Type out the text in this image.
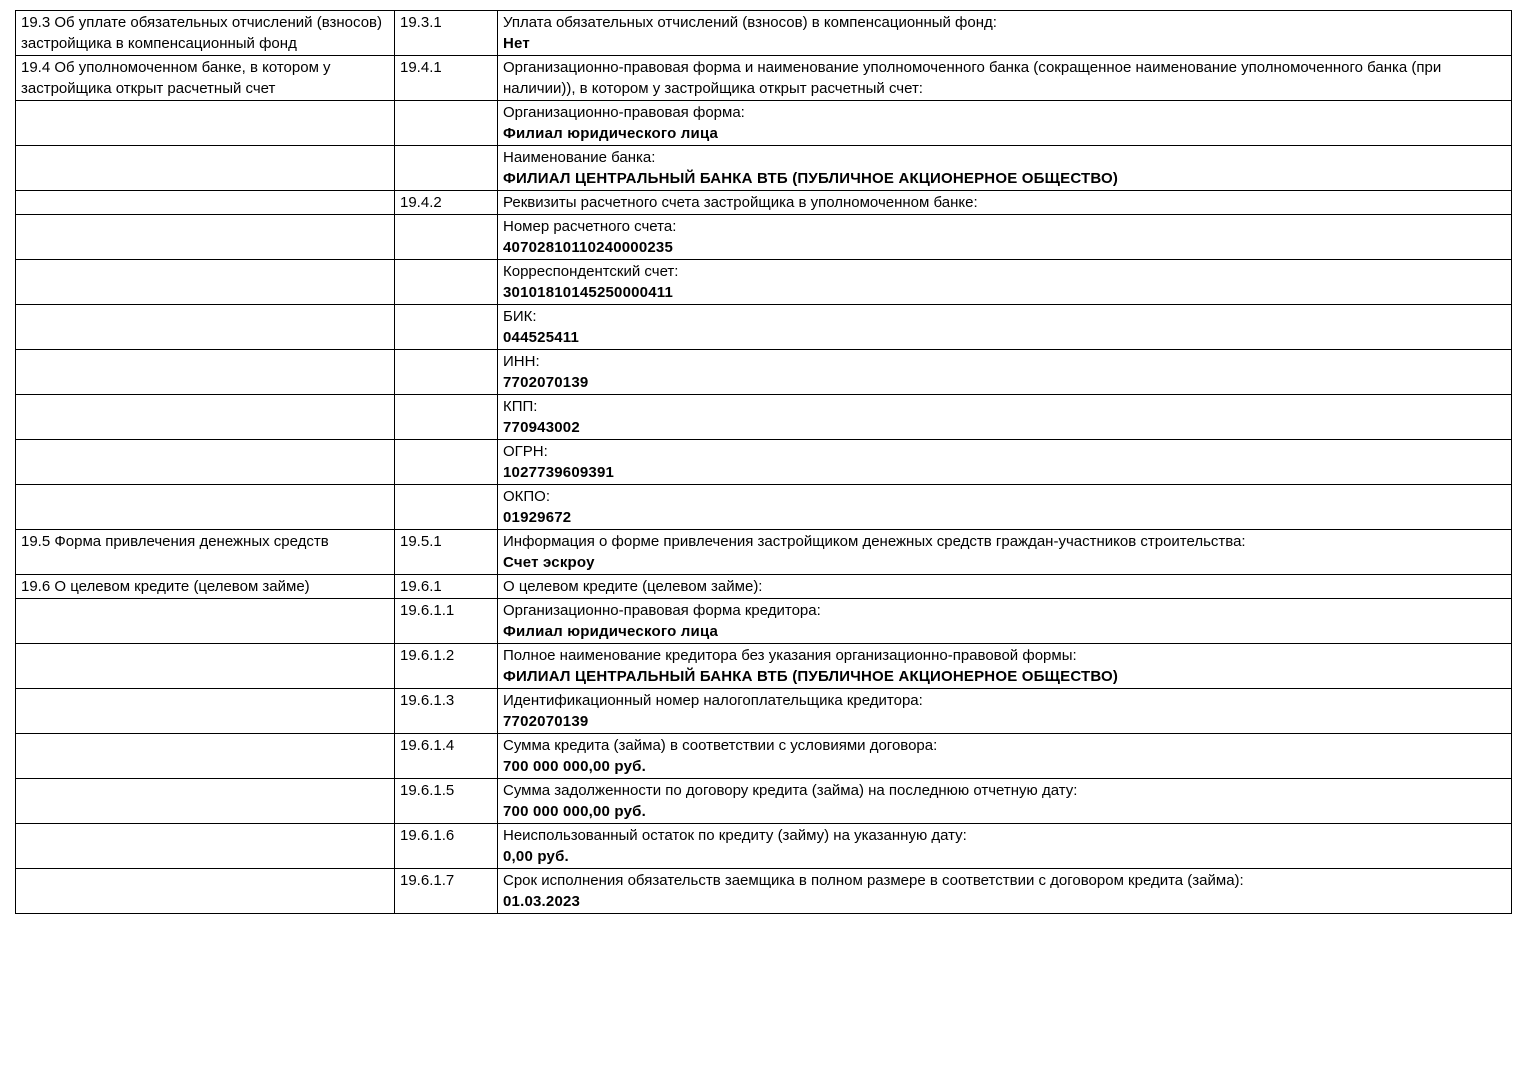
19.3 Об уплате обязательных отчислений (взносов) застройщика в компенсационный фонд	19.3.1	Уплата обязательных отчислений (взносов) в компенсационный фонд:
Нет

19.4 Об уполномоченном банке, в котором у застройщика открыт расчетный счет	19.4.1	Организационно-правовая форма и наименование уполномоченного банка (сокращенное наименование уполномоченного банка (при наличии)), в котором у застройщика открыт расчетный счет:

		Организационно-правовая форма:
Филиал юридического лица

		Наименование банка:
ФИЛИАЛ ЦЕНТРАЛЬНЫЙ БАНКА ВТБ (ПУБЛИЧНОЕ АКЦИОНЕРНОЕ ОБЩЕСТВО)

	19.4.2	Реквизиты расчетного счета застройщика в уполномоченном банке:

		Номер расчетного счета:
40702810110240000235

		Корреспондентский счет:
30101810145250000411

		БИК:
044525411

		ИНН:
7702070139

		КПП:
770943002

		ОГРН:
1027739609391

		ОКПО:
01929672

19.5 Форма привлечения денежных средств	19.5.1	Информация о форме привлечения застройщиком денежных средств граждан-участников строительства:
Счет эскроу

19.6 О целевом кредите (целевом займе)	19.6.1	О целевом кредите (целевом займе):

	19.6.1.1	Организационно-правовая форма кредитора:
Филиал юридического лица

	19.6.1.2	Полное наименование кредитора без указания организационно-правовой формы:
ФИЛИАЛ ЦЕНТРАЛЬНЫЙ БАНКА ВТБ (ПУБЛИЧНОЕ АКЦИОНЕРНОЕ ОБЩЕСТВО)

	19.6.1.3	Идентификационный номер налогоплательщика кредитора:
7702070139

	19.6.1.4	Сумма кредита (займа) в соответствии с условиями договора:
700 000 000,00 руб.

	19.6.1.5	Сумма задолженности по договору кредита (займа) на последнюю отчетную дату:
700 000 000,00 руб.

	19.6.1.6	Неиспользованный остаток по кредиту (займу) на указанную дату:
0,00 руб.

	19.6.1.7	Срок исполнения обязательств заемщика в полном размере в соответствии с договором кредита (займа):
01.03.2023
